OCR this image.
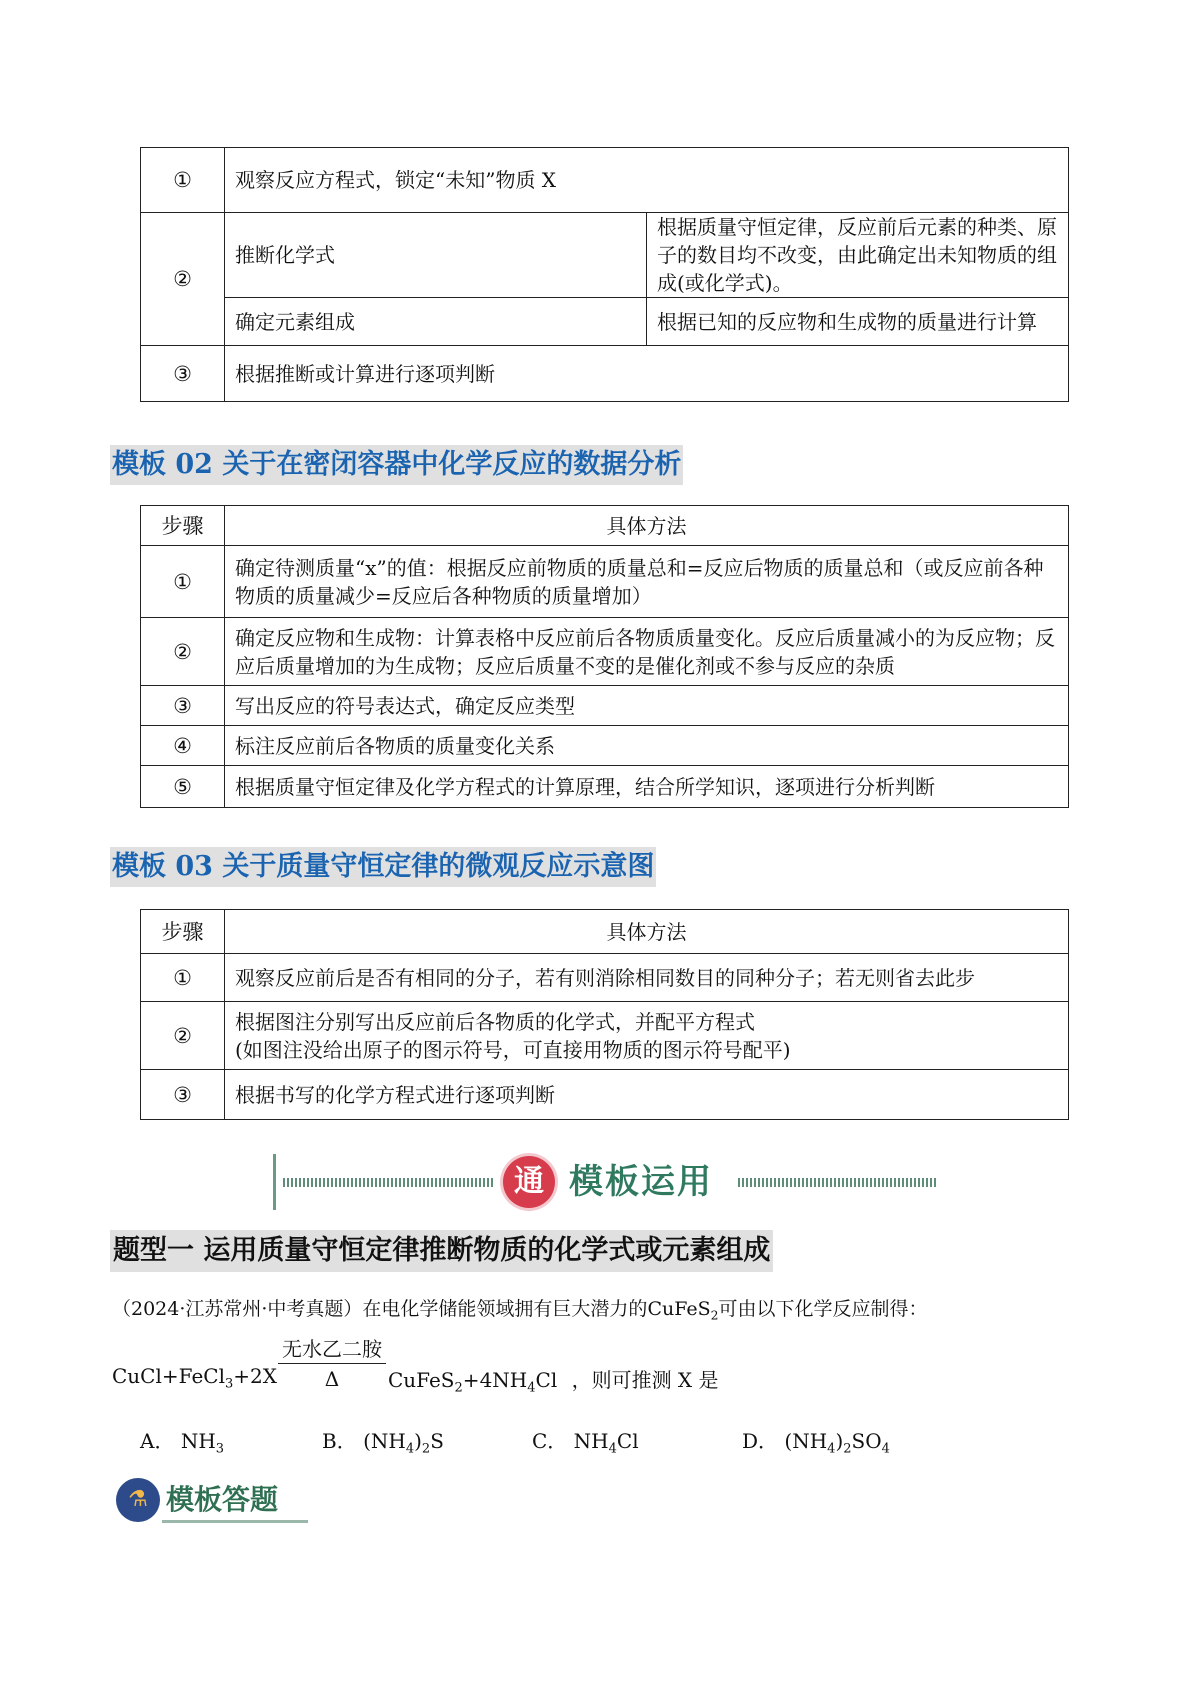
①	观察反应方程式，锁定“未知”物质 X	
②	推断化学式	根据质量守恒定律，反应前后元素的种类、原子的数目均不改变，由此确定出未知物质的组成(或化学式)。
	确定元素组成	根据已知的反应物和生成物的质量进行计算
③	根据推断或计算进行逐项判断	
模板 02 关于在密闭容器中化学反应的数据分析
步骤	具体方法
①	确定待测质量“x”的值：根据反应前物质的质量总和=反应后物质的质量总和（或反应前各种物质的质量减少=反应后各种物质的质量增加）
②	确定反应物和生成物：计算表格中反应前后各物质质量变化。反应后质量减小的为反应物；反应后质量增加的为生成物；反应后质量不变的是催化剂或不参与反应的杂质
③	写出反应的符号表达式，确定反应类型
④	标注反应前后各物质的质量变化关系
⑤	根据质量守恒定律及化学方程式的计算原理，结合所学知识，逐项进行分析判断
模板 03 关于质量守恒定律的微观反应示意图
步骤	具体方法
①	观察反应前后是否有相同的分子，若有则消除相同数目的同种分子；若无则省去此步
②	根据图注分别写出反应前后各物质的化学式，并配平方程式
(如图注没给出原子的图示符号，可直接用物质的图示符号配平)

③	根据书写的化学方程式进行逐项判断
通 模板运用
题型一 运用质量守恒定律推断物质的化学式或元素组成
（2024·江苏常州·中考真题）在电化学储能领域拥有巨大潜力的CuFeS$_2$可由以下化学反应制得：
CuCl+FeCl$_3$+2X
无水乙二胺
Δ	$CuFeS_2+4NH_4Cl$ ，则可推测 X 是
A． $NH_3$	B． $(NH_4)_2S$	C． $NH_4Cl$	D． $(NH_4)_2SO_4$
⚗ 模板答题
